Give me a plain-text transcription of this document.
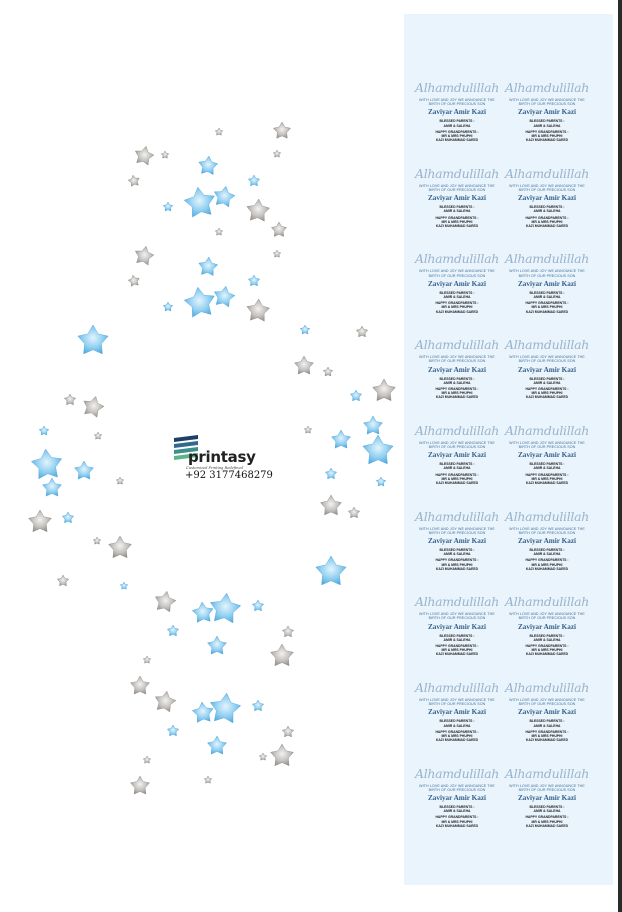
printasy
Customized Printing Redefined
+92 3177468279
Alhamdulillah
WITH LOVE AND JOY WE ANNOUNCE THE
BIRTH OF OUR PRECIOUS SON
Zaviyar Amir Kazi
BLESSED PARENTS :
AMIR & SALEHA
HAPPY GRANDPARENTS :
MR & MRS PHUPHI
KAZI MUHAMMAD SAEED
Alhamdulillah
WITH LOVE AND JOY WE ANNOUNCE THE
BIRTH OF OUR PRECIOUS SON
Zaviyar Amir Kazi
BLESSED PARENTS :
AMIR & SALEHA
HAPPY GRANDPARENTS :
MR & MRS PHUPHI
KAZI MUHAMMAD SAEED
Alhamdulillah
WITH LOVE AND JOY WE ANNOUNCE THE
BIRTH OF OUR PRECIOUS SON
Zaviyar Amir Kazi
BLESSED PARENTS :
AMIR & SALEHA
HAPPY GRANDPARENTS :
MR & MRS PHUPHI
KAZI MUHAMMAD SAEED
Alhamdulillah
WITH LOVE AND JOY WE ANNOUNCE THE
BIRTH OF OUR PRECIOUS SON
Zaviyar Amir Kazi
BLESSED PARENTS :
AMIR & SALEHA
HAPPY GRANDPARENTS :
MR & MRS PHUPHI
KAZI MUHAMMAD SAEED
Alhamdulillah
WITH LOVE AND JOY WE ANNOUNCE THE
BIRTH OF OUR PRECIOUS SON
Zaviyar Amir Kazi
BLESSED PARENTS :
AMIR & SALEHA
HAPPY GRANDPARENTS :
MR & MRS PHUPHI
KAZI MUHAMMAD SAEED
Alhamdulillah
WITH LOVE AND JOY WE ANNOUNCE THE
BIRTH OF OUR PRECIOUS SON
Zaviyar Amir Kazi
BLESSED PARENTS :
AMIR & SALEHA
HAPPY GRANDPARENTS :
MR & MRS PHUPHI
KAZI MUHAMMAD SAEED
Alhamdulillah
WITH LOVE AND JOY WE ANNOUNCE THE
BIRTH OF OUR PRECIOUS SON
Zaviyar Amir Kazi
BLESSED PARENTS :
AMIR & SALEHA
HAPPY GRANDPARENTS :
MR & MRS PHUPHI
KAZI MUHAMMAD SAEED
Alhamdulillah
WITH LOVE AND JOY WE ANNOUNCE THE
BIRTH OF OUR PRECIOUS SON
Zaviyar Amir Kazi
BLESSED PARENTS :
AMIR & SALEHA
HAPPY GRANDPARENTS :
MR & MRS PHUPHI
KAZI MUHAMMAD SAEED
Alhamdulillah
WITH LOVE AND JOY WE ANNOUNCE THE
BIRTH OF OUR PRECIOUS SON
Zaviyar Amir Kazi
BLESSED PARENTS :
AMIR & SALEHA
HAPPY GRANDPARENTS :
MR & MRS PHUPHI
KAZI MUHAMMAD SAEED
Alhamdulillah
WITH LOVE AND JOY WE ANNOUNCE THE
BIRTH OF OUR PRECIOUS SON
Zaviyar Amir Kazi
BLESSED PARENTS :
AMIR & SALEHA
HAPPY GRANDPARENTS :
MR & MRS PHUPHI
KAZI MUHAMMAD SAEED
Alhamdulillah
WITH LOVE AND JOY WE ANNOUNCE THE
BIRTH OF OUR PRECIOUS SON
Zaviyar Amir Kazi
BLESSED PARENTS :
AMIR & SALEHA
HAPPY GRANDPARENTS :
MR & MRS PHUPHI
KAZI MUHAMMAD SAEED
Alhamdulillah
WITH LOVE AND JOY WE ANNOUNCE THE
BIRTH OF OUR PRECIOUS SON
Zaviyar Amir Kazi
BLESSED PARENTS :
AMIR & SALEHA
HAPPY GRANDPARENTS :
MR & MRS PHUPHI
KAZI MUHAMMAD SAEED
Alhamdulillah
WITH LOVE AND JOY WE ANNOUNCE THE
BIRTH OF OUR PRECIOUS SON
Zaviyar Amir Kazi
BLESSED PARENTS :
AMIR & SALEHA
HAPPY GRANDPARENTS :
MR & MRS PHUPHI
KAZI MUHAMMAD SAEED
Alhamdulillah
WITH LOVE AND JOY WE ANNOUNCE THE
BIRTH OF OUR PRECIOUS SON
Zaviyar Amir Kazi
BLESSED PARENTS :
AMIR & SALEHA
HAPPY GRANDPARENTS :
MR & MRS PHUPHI
KAZI MUHAMMAD SAEED
Alhamdulillah
WITH LOVE AND JOY WE ANNOUNCE THE
BIRTH OF OUR PRECIOUS SON
Zaviyar Amir Kazi
BLESSED PARENTS :
AMIR & SALEHA
HAPPY GRANDPARENTS :
MR & MRS PHUPHI
KAZI MUHAMMAD SAEED
Alhamdulillah
WITH LOVE AND JOY WE ANNOUNCE THE
BIRTH OF OUR PRECIOUS SON
Zaviyar Amir Kazi
BLESSED PARENTS :
AMIR & SALEHA
HAPPY GRANDPARENTS :
MR & MRS PHUPHI
KAZI MUHAMMAD SAEED
Alhamdulillah
WITH LOVE AND JOY WE ANNOUNCE THE
BIRTH OF OUR PRECIOUS SON
Zaviyar Amir Kazi
BLESSED PARENTS :
AMIR & SALEHA
HAPPY GRANDPARENTS :
MR & MRS PHUPHI
KAZI MUHAMMAD SAEED
Alhamdulillah
WITH LOVE AND JOY WE ANNOUNCE THE
BIRTH OF OUR PRECIOUS SON
Zaviyar Amir Kazi
BLESSED PARENTS :
AMIR & SALEHA
HAPPY GRANDPARENTS :
MR & MRS PHUPHI
KAZI MUHAMMAD SAEED
